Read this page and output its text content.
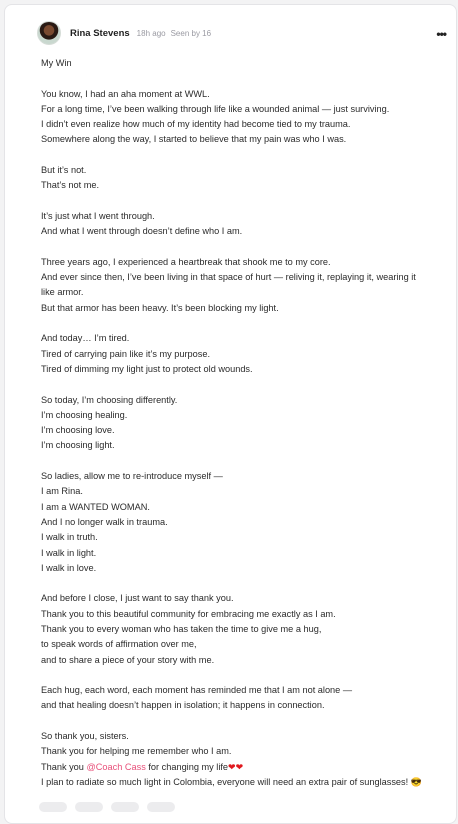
Rina Stevens 18h ago Seen by 16	•••
My Win
You know, I had an aha moment at WWL.
For a long time, I’ve been walking through life like a wounded animal — just surviving.
I didn’t even realize how much of my identity had become tied to my trauma.
Somewhere along the way, I started to believe that my pain was who I was.
But it’s not.
That’s not me.
It’s just what I went through.
And what I went through doesn’t define who I am.
Three years ago, I experienced a heartbreak that shook me to my core.
And ever since then, I’ve been living in that space of hurt — reliving it, replaying it, wearing it
like armor.
But that armor has been heavy. It’s been blocking my light.
And today… I’m tired.
Tired of carrying pain like it’s my purpose.
Tired of dimming my light just to protect old wounds.
So today, I’m choosing differently.
I’m choosing healing.
I’m choosing love.
I’m choosing light.
So ladies, allow me to re-introduce myself —
I am Rina.
I am a WANTED WOMAN.
And I no longer walk in trauma.
I walk in truth.
I walk in light.
I walk in love.
And before I close, I just want to say thank you.
Thank you to this beautiful community for embracing me exactly as I am.
Thank you to every woman who has taken the time to give me a hug,
to speak words of affirmation over me,
and to share a piece of your story with me.
Each hug, each word, each moment has reminded me that I am not alone —
and that healing doesn’t happen in isolation; it happens in connection.
So thank you, sisters.
Thank you for helping me remember who I am.
Thank you @Coach Cass for changing my life❤❤
I plan to radiate so much light in Colombia, everyone will need an extra pair of sunglasses! 😎
